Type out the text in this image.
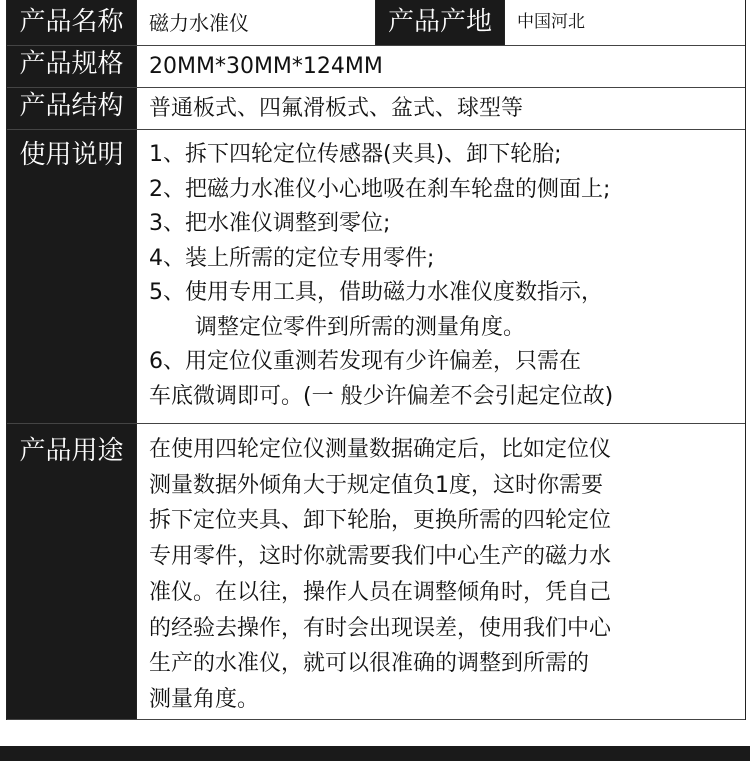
产品名称	磁力水准仪	产品产地	中国河北
产品规格	20MM*30MM*124MM
产品结构	普通板式、四氟滑板式、盆式、球型等
使用说明	1、拆下四轮定位传感器(夹具)、卸下轮胎;
2、把磁力水准仪小心地吸在刹车轮盘的侧面上;
3、把水准仪调整到零位;
4、装上所需的定位专用零件;
5、使用专用工具，借助磁力水准仪度数指示，
调整定位零件到所需的测量角度。
6、用定位仪重测若发现有少许偏差，只需在
车底微调即可。(一 般少许偏差不会引起定位故)
产品用途	在使用四轮定位仪测量数据确定后，比如定位仪
测量数据外倾角大于规定值负1度，这时你需要
拆下定位夹具、卸下轮胎，更换所需的四轮定位
专用零件，这时你就需要我们中心生产的磁力水
准仪。在以往，操作人员在调整倾角时，凭自己
的经验去操作，有时会出现误差，使用我们中心
生产的水准仪，就可以很准确的调整到所需的
测量角度。
